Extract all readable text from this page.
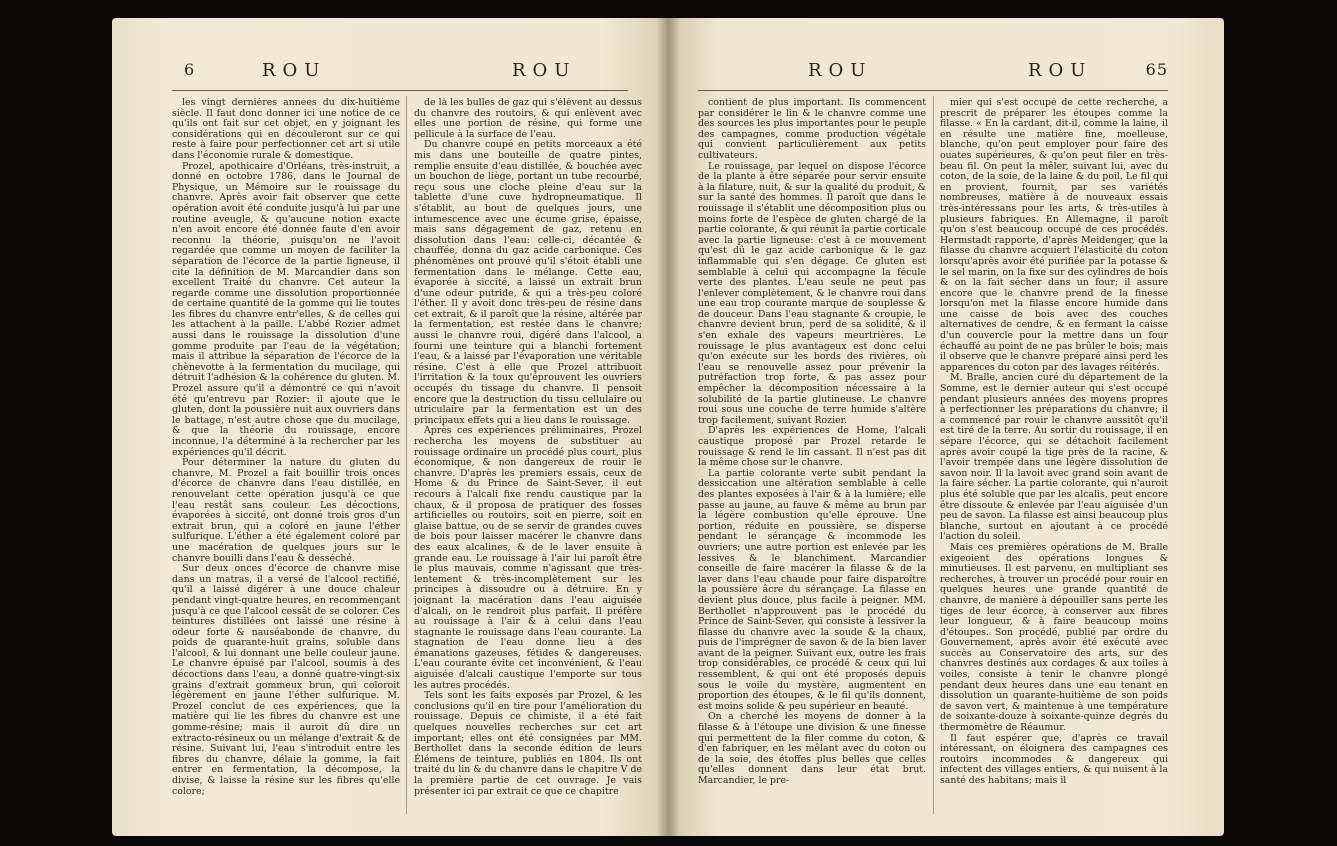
6	ROU	ROU

les vingt dernières années du dix-huitième siècle. Il faut donc donner ici une notice de ce qu'ils ont fait sur cet objet, en y joignant les considérations qui en découleront sur ce qui reste à faire pour perfectionner cet art si utile dans l'économie rurale & domestique.

Prozel, apothicaire d'Orléans, très-instruit, a donné en octobre 1786, dans le Journal de Physique, un Mémoire sur le rouissage du chanvre. Après avoir fait observer que cette opération avoit été conduite jusqu'à lui par une routine aveugle, & qu'aucune notion exacte n'en avoit encore été donnée faute d'en avoir reconnu la théorie, puisqu'on ne l'avoit regardée que comme un moyen de faciliter la séparation de l'écorce de la partie ligneuse, il cite la définition de M. Marcandier dans son excellent Traité du chanvre. Cet auteur la regarde comme une dissolution proportionnée de certaine quantité de la gomme qui lie toutes les fibres du chanvre entr'elles, & de celles qui les attachent à la paille. L'abbé Rozier admet aussi dans le rouissage la dissolution d'une gomme produite par l'eau de la végétation; mais il attribue la séparation de l'écorce de la chènevotte à la fermentation du mucilage, qui détruit l'adhésion & la cohérence du gluten. M. Prozel assure qu'il a démontré ce qui n'avoit été qu'entrevu par Rozier: il ajoute que le gluten, dont la poussière nuit aux ouvriers dans le battage, n'est autre chose que du mucilage, & que la théorie du rouissage, encore inconnue, l'a déterminé à la rechercher par les expériences qu'il décrit.

Pour déterminer la nature du gluten du chanvre, M. Prozel a fait bouillir trois onces d'écorce de chanvre dans l'eau distillée, en renouvelant cette opération jusqu'à ce que l'eau restât sans couleur. Les décoctions, évaporées à siccité, ont donné trois gros d'un extrait brun, qui a coloré en jaune l'éther sulfurique. L'éther a été également coloré par une macération de quelques jours sur le chanvre bouilli dans l'eau & desséché.

Sur deux onces d'écorce de chanvre mise dans un matras, il a versé de l'alcool rectifié, qu'il a laissé digérer à une douce chaleur pendant vingt-quatre heures, en recommençant jusqu'à ce que l'alcool cessât de se colorer. Ces teintures distillées ont laissé une résine à odeur forte & nauséabonde de chanvre, du poids de quarante-huit grains, soluble dans l'alcool, & lui donnant une belle couleur jaune. Le chanvre épuisé par l'alcool, soumis à des décoctions dans l'eau, a donné quatre-vingt-six grains d'extrait gommeux brun, qui coloroit légèrement en jaune l'éther sulfurique. M. Prozel conclut de ces expériences, que la matière qui lie les fibres du chanvre est une gomme-résine; mais il auroit dû dire un extracto-résineux ou un mélange d'extrait & de résine. Suivant lui, l'eau s'introduit entre les fibres du chanvre, délaie la gomme, la fait entrer en fermentation, la décompose, la divise, & laisse la résine sur les fibres qu'elle colore;

de là les bulles de gaz qui s'élèvent au dessus du chanvre des routoirs, & qui enlèvent avec elles une portion de résine, qui forme une pellicule à la surface de l'eau.

Du chanvre coupé en petits morceaux a été mis dans une bouteille de quatre pintes, remplie ensuite d'eau distillée, & bouchée avec un bouchon de liège, portant un tube recourbé, reçu sous une cloche pleine d'eau sur la tablette d'une cuve hydropneumatique. Il s'établit, au bout de quelques jours, une intumescence avec une écume grise, épaisse, mais sans dégagement de gaz, retenu en dissolution dans l'eau: celle-ci, décantée & chauffée, donna du gaz acide carbonique. Ces phénomènes ont prouvé qu'il s'étoit établi une fermentation dans le mélange. Cette eau, évaporée à siccité, a laissé un extrait brun d'une odeur putride, & qui a très-peu coloré l'éther. Il y avoit donc très-peu de résine dans cet extrait, & il paroît que la résine, altérée par la fermentation, est restée dans le chanvre; aussi le chanvre roui, digéré dans l'alcool, a fourni une teinture qui a blanchi fortement l'eau, & a laissé par l'évaporation une véritable résine. C'est à elle que Prozel attribuoit l'irritation & la toux qu'éprouvent les ouvriers occupés du tissage du chanvre. Il pensoit encore que la destruction du tissu cellulaire ou utriculaire par la fermentation est un des principaux effets qui a lieu dans le rouissage.

Après ces expériences préliminaires, Prozel rechercha les moyens de substituer au rouissage ordinaire un procédé plus court, plus économique, & non dangereux de rouir le chanvre. D'après les premiers essais, ceux de Home & du Prince de Saint-Sever, il eut recours à l'alcali fixe rendu caustique par la chaux, & il proposa de pratiquer des fosses artificielles ou routoirs, soit en pierre, soit en glaise battue, ou de se servir de grandes cuves de bois pour laisser macérer le chanvre dans des eaux alcalines, & de le laver ensuite à grande eau. Le rouissage à l'air lui paroît être le plus mauvais, comme n'agissant que très-lentement & très-incomplètement sur les principes à dissoudre ou à détruire. En y joignant la macération dans l'eau aiguisée d'alcali, on le rendroit plus parfait. Il préfère au rouissage à l'air & à celui dans l'eau stagnante le rouissage dans l'eau courante. La stagnation de l'eau donne lieu à des émanations gazeuses, fétides & dangereuses. L'eau courante évite cet inconvénient, & l'eau aiguisée d'alcali caustique l'emporte sur tous les autres procédés.

Tels sont les faits exposés par Prozel, & les conclusions qu'il en tire pour l'amélioration du rouissage. Depuis ce chimiste, il a été fait quelques nouvelles recherches sur cet art important; elles ont été consignées par MM. Berthollet dans la seconde édition de leurs Élémens de teinture, publiés en 1804. Ils ont traité du lin & du chanvre dans le chapitre V de la première partie de cet ouvrage. Je vais présenter ici par extrait ce que ce chapitre

ROU	ROU	65

contient de plus important. Ils commencent par considérer le lin & le chanvre comme une des sources les plus importantes pour le peuple des campagnes, comme production végétale qui convient particulièrement aux petits cultivateurs.

Le rouissage, par lequel on dispose l'écorce de la plante à être séparée pour servir ensuite à la filature, nuit, & sur la qualité du produit, & sur la santé des hommes. Il paroît que dans le rouissage il s'établit une décomposition plus ou moins forte de l'espèce de gluten chargé de la partie colorante, & qui réunit la partie corticale avec la partie ligneuse: c'est à ce mouvement qu'est dû le gaz acide carbonique & le gaz inflammable qui s'en dégage. Ce gluten est semblable à celui qui accompagne la fécule verte des plantes. L'eau seule ne peut pas l'enlever complètement, & le chanvre roui dans une eau trop courante marque de souplesse & de douceur. Dans l'eau stagnante & croupie, le chanvre devient brun, perd de sa solidité, & il s'en exhale des vapeurs meurtrières. Le rouissage le plus avantageux est donc celui qu'on exécute sur les bords des rivières, où l'eau se renouvelle assez pour prévenir la putréfaction trop forte, & pas assez pour empêcher la décomposition nécessaire à la solubilité de la partie glutineuse. Le chanvre roui sous une couche de terre humide s'altère trop facilement, suivant Rozier.

D'après les expériences de Home, l'alcali caustique proposé par Prozel retarde le rouissage & rend le lin cassant. Il n'est pas dit la même chose sur le chanvre.

La partie colorante verte subit pendant la dessiccation une altération semblable à celle des plantes exposées à l'air & à la lumière; elle passe au jaune, au fauve & même au brun par la légère combustion qu'elle éprouve. Une portion, réduite en poussière, se disperse pendant le sérançage & incommode les ouvriers; une autre portion est enlevée par les lessives & le blanchiment. Marcandier conseille de faire macérer la filasse & de la laver dans l'eau chaude pour faire disparoître la poussière âcre du sérançage. La filasse en devient plus douce, plus facile à peigner. MM. Berthollet n'approuvent pas le procédé du Prince de Saint-Sever, qui consiste à lessiver la filasse du chanvre avec la soude & la chaux, puis de l'imprégner de savon & de la bien laver avant de la peigner. Suivant eux, outre les frais trop considérables, ce procédé & ceux qui lui ressemblent, & qui ont été proposés depuis sous le voile du mystère, augmentent en proportion des étoupes, & le fil qu'ils donnent, est moins solide & peu supérieur en beauté.

On a cherché les moyens de donner à la filasse & à l'étoupe une division & une finesse qui permettent de la filer comme du coton, & d'en fabriquer, en les mêlant avec du coton ou de la soie, des étoffes plus belles que celles qu'elles donnent dans leur état brut. Marcandier, le pre-

mier qui s'est occupé de cette recherche, a prescrit de préparer les étoupes comme la filasse. « En la cardant, dit-il, comme la laine, il en résulte une matière fine, moelleuse, blanche, qu'on peut employer pour faire des ouates supérieures, & qu'on peut filer en très-beau fil. On peut la mêler, suivant lui, avec du coton, de la soie, de la laine & du poil. Le fil qui en provient, fournit, par ses variétés nombreuses, matière à de nouveaux essais très-intéressans pour les arts, & très-utiles à plusieurs fabriques. En Allemagne, il paroît qu'on s'est beaucoup occupé de ces procédés. Hermstadt rapporte, d'après Meidenger, que la filasse du chanvre acquiert l'élasticité du coton lorsqu'après avoir été purifiée par la potasse & le sel marin, on la fixe sur des cylindres de bois & on la fait sécher dans un four; il assure encore que le chanvre prend de la finesse lorsqu'on met la filasse encore humide dans une caisse de bois avec des couches alternatives de cendre, & en fermant la caisse d'un couvercle pour la mettre dans un four échauffé au point de ne pas brûler le bois; mais il observe que le chanvre préparé ainsi perd les apparences du coton par des lavages réitérés.

M. Bralle, ancien curé du département de la Somme, est le dernier auteur qui s'est occupé pendant plusieurs années des moyens propres à perfectionner les préparations du chanvre; il a commencé par rouir le chanvre aussitôt qu'il est tiré de la terre. Au sortir du rouissage, il en sépare l'écorce, qui se détachoit facilement après avoir coupé la tige près de la racine, & l'avoir trempée dans une légère dissolution de savon noir. Il la lavoit avec grand soin avant de la faire sécher. La partie colorante, qui n'auroit plus été soluble que par les alcalis, peut encore être dissoute & enlevée par l'eau aiguisée d'un peu de savon. La filasse est ainsi beaucoup plus blanche, surtout en ajoutant à ce procédé l'action du soleil.

Mais ces premières opérations de M. Bralle exigeoient des opérations longues & minutieuses. Il est parvenu, en multipliant ses recherches, à trouver un procédé pour rouir en quelques heures une grande quantité de chanvre, de manière à dépouiller sans perte les tiges de leur écorce, à conserver aux fibres leur longueur, & à faire beaucoup moins d'étoupes. Son procédé, publié par ordre du Gouvernement, après avoir été exécuté avec succès au Conservatoire des arts, sur des chanvres destinés aux cordages & aux toiles à voiles, consiste à tenir le chanvre plongé pendant deux heures dans une eau tenant en dissolution un quarante-huitième de son poids de savon vert, & maintenue à une température de soixante-douze à soixante-quinze degrés du thermomètre de Réaumur.

Il faut espérer que, d'après ce travail intéressant, on éloignera des campagnes ces routoirs incommodes & dangereux qui infectent des villages entiers, & qui nuisent à la santé des habitans; mais il
